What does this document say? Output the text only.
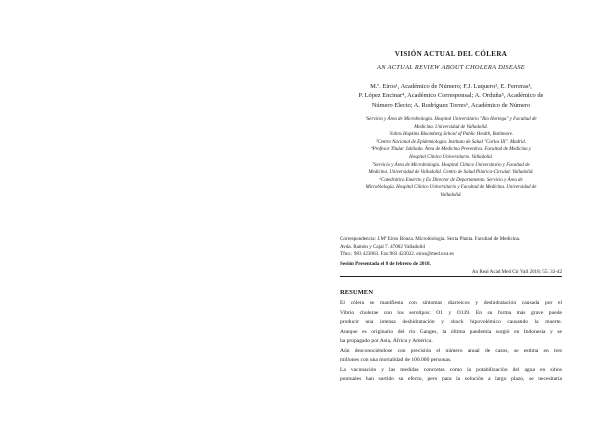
VISIÓN ACTUAL DEL CÓLERA
AN ACTUAL REVIEW ABOUT CHOLERA DISEASE
M.ª. Eiros¹, Académico de Número; F.J. Luquero², E. Ferreras³,
P. López Encinar⁴, Académico Corresponsal; A. Orduña⁵, Académico de
Número Electo; A. Rodríguez Torres⁶, Académico de Número
¹Servicio y Área de Microbiología. Hospital Universitario "Río Hortega" y Facultad de
Medicina. Universidad de Valladolid.
²Johns Hopkins Bloomberg School of Public Health, Baltimore.
³Centro Nacional de Epidemiología. Instituto de Salud "Carlos III". Madrid.
⁴Profesor Titular Jubilado. Área de Medicina Preventiva. Facultad de Medicina y
Hospital Clínico Universitario. Valladolid.
⁵Servicio y Área de Microbiología. Hospital Clínico Universitario y Facultad de
Medicina. Universidad de Valladolid. Centro de Salud Pilarica-Circular. Valladolid.
⁶Catedrático Emérito y Ex Director de Departamento. Servicio y Área de
Microbiología. Hospital Clínico Universitario y Facultad de Medicina. Universidad de
Valladolid.
Correspondencia: J.Mª Eiros Bouza. Microbiología. Sexta Planta. Facultad de Medicina.
Avda. Ramón y Cajal 7. 47002 Valladolid
Tfno.: 983 423063. Fax:983 423022. eiros@med.uva.es
Sesión Presentada el 8 de febrero de 2018.
An Real Acad Med Cir Vall 2018; 55: 33-42
RESUMEN
El cólera se manifiesta con síntomas diarreicos y deshidratación causada por el
Vibrio cholerae con los serotipos: O1 y O139. En su forma más grave puede
producir una intensa deshidratación y shock hipovolémico causando la muerte.
Aunque es originario del río Ganges, la última pandemia surgió en Indonesia y se
ha propagado por Asia, África y América.
Aún desconociéndose con precisión el número anual de casos, se estima en tres
millones con una mortalidad de 100.000 personas.
La vacunación y las medidas concretas como la potabilización del agua en sitios
puntuales han surtido su efecto, pero para la solución a largo plazo, se necesitaría
